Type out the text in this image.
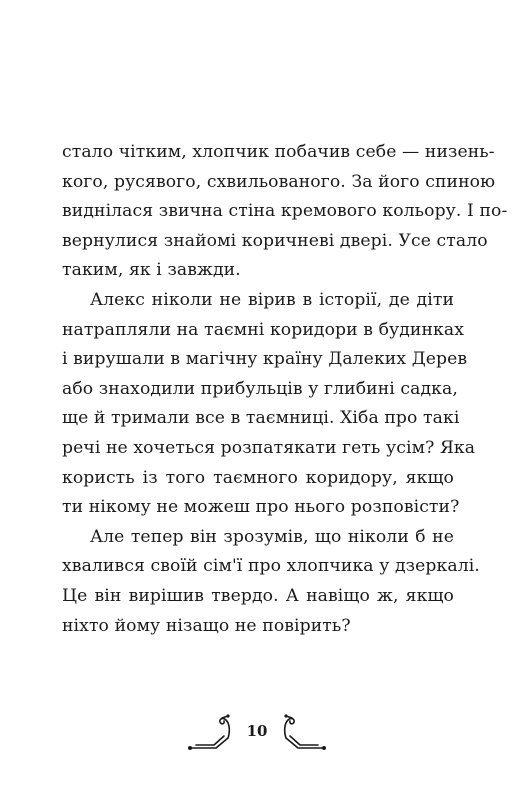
стало чітким, хлопчик побачив себе — низень-
кого, русявого, схвильованого. За його спиною
виднілася звична стіна кремового кольору. І по-
вернулися знайомі коричневі двері. Усе стало
таким, як і завжди.
Алекс ніколи не вірив в історії, де діти
натрапляли на таємні коридори в будинках
і вирушали в магічну країну Далеких Дерев
або знаходили прибульців у глибині садка,
ще й тримали все в таємниці. Хіба про такі
речі не хочеться розпатякати геть усім? Яка
користь із того таємного коридору, якщо
ти нікому не можеш про нього розповісти?
Але тепер він зрозумів, що ніколи б не
хвалився своїй сім'ї про хлопчика у дзеркалі.
Це він вирішив твердо. А навіщо ж, якщо
ніхто йому нізащо не повірить?
10
